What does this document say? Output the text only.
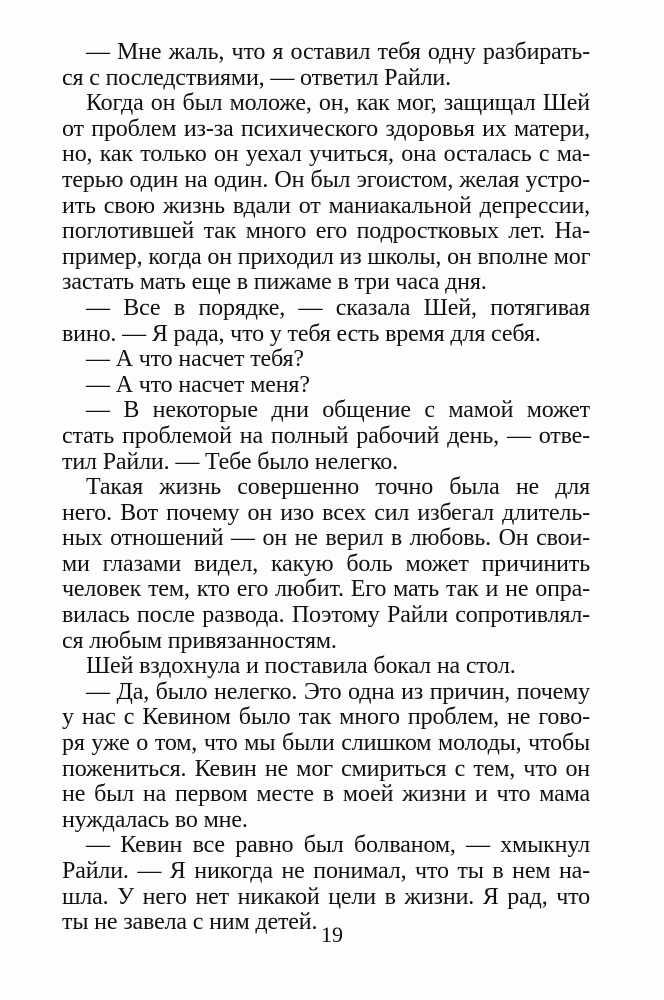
— Мне жаль, что я оставил тебя одну разбирать-
ся с последствиями, — ответил Райли.
Когда он был моложе, он, как мог, защищал Шей
от проблем из-за психического здоровья их матери,
но, как только он уехал учиться, она осталась с ма-
терью один на один. Он был эгоистом, желая устро-
ить свою жизнь вдали от маниакальной депрессии,
поглотившей так много его подростковых лет. На-
пример, когда он приходил из школы, он вполне мог
застать мать еще в пижаме в три часа дня.
— Все в порядке, — сказала Шей, потягивая
вино. — Я рада, что у тебя есть время для себя.
— А что насчет тебя?
— А что насчет меня?
— В некоторые дни общение с мамой может
стать проблемой на полный рабочий день, — отве-
тил Райли. — Тебе было нелегко.
Такая жизнь совершенно точно была не для
него. Вот почему он изо всех сил избегал длитель-
ных отношений — он не верил в любовь. Он свои-
ми глазами видел, какую боль может причинить
человек тем, кто его любит. Его мать так и не опра-
вилась после развода. Поэтому Райли сопротивлял-
ся любым привязанностям.
Шей вздохнула и поставила бокал на стол.
— Да, было нелегко. Это одна из причин, почему
у нас с Кевином было так много проблем, не гово-
ря уже о том, что мы были слишком молоды, чтобы
пожениться. Кевин не мог смириться с тем, что он
не был на первом месте в моей жизни и что мама
нуждалась во мне.
— Кевин все равно был болваном, — хмыкнул
Райли. — Я никогда не понимал, что ты в нем на-
шла. У него нет никакой цели в жизни. Я рад, что
ты не завела с ним детей. 19
